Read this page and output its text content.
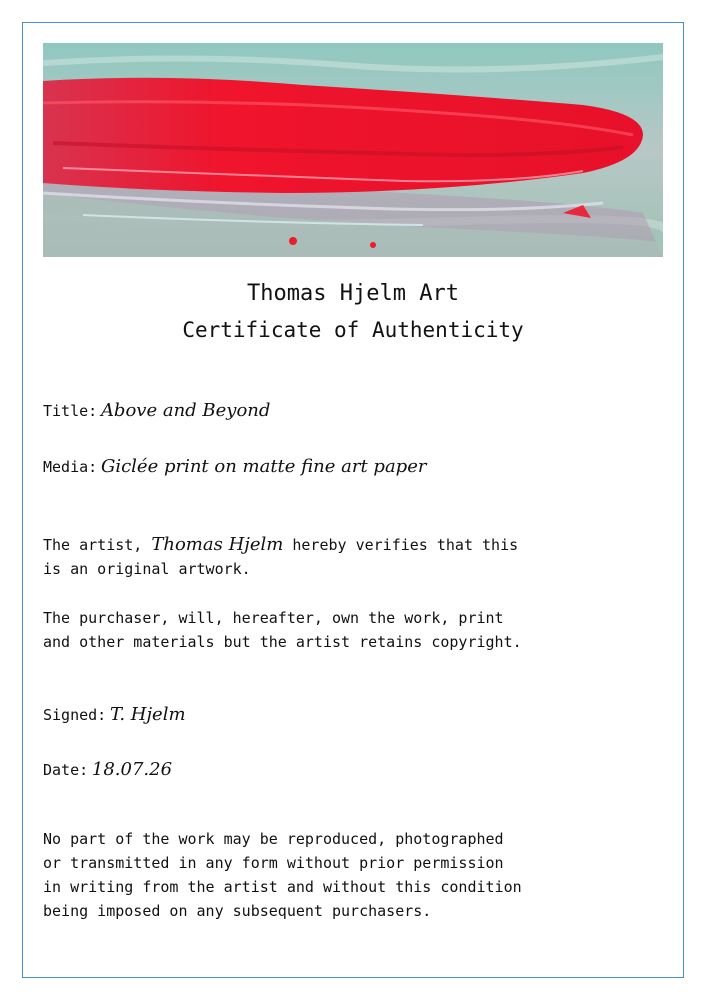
Thomas Hjelm Art
Certificate of Authenticity
Title: Above and Beyond
Media: Giclée print on matte fine art paper
The artist, Thomas Hjelm hereby verifies that this
is an original artwork.
The purchaser, will, hereafter, own the work, print
and other materials but the artist retains copyright.
Signed: T. Hjelm
Date: 18.07.26
No part of the work may be reproduced, photographed
or transmitted in any form without prior permission
in writing from the artist and without this condition
being imposed on any subsequent purchasers.
